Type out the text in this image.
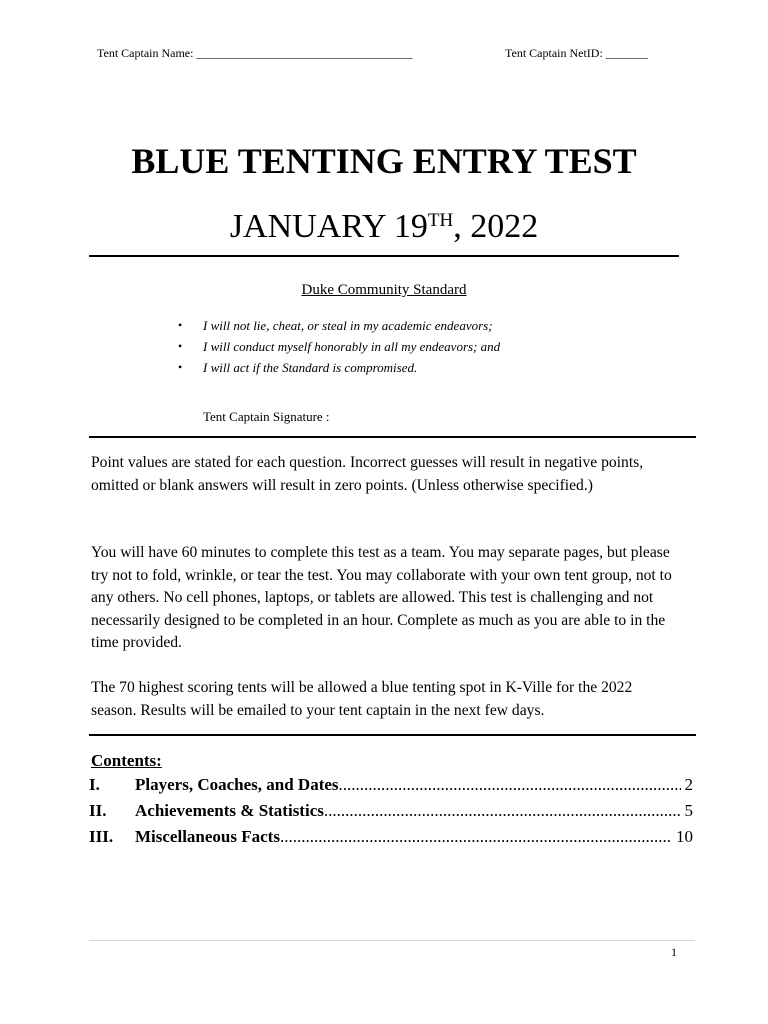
Tent Captain Name: ____________________________________	Tent Captain NetID: _______
BLUE TENTING ENTRY TEST
JANUARY 19TH, 2022
Duke Community Standard
• I will not lie, cheat, or steal in my academic endeavors;
• I will conduct myself honorably in all my endeavors; and
• I will act if the Standard is compromised.
Tent Captain Signature :

Point values are stated for each question. Incorrect guesses will result in negative points, omitted or blank answers will result in zero points. (Unless otherwise specified.)

You will have 60 minutes to complete this test as a team. You may separate pages, but please try not to fold, wrinkle, or tear the test. You may collaborate with your own tent group, not to any others. No cell phones, laptops, or tablets are allowed. This test is challenging and not necessarily designed to be completed in an hour. Complete as much as you are able to in the time provided.

The 70 highest scoring tents will be allowed a blue tenting spot in K-Ville for the 2022 season. Results will be emailed to your tent captain in the next few days.

Contents:
I.	Players, Coaches, and Dates .....	2
II.	Achievements & Statistics .....	5
III.	Miscellaneous Facts .....	10
1
